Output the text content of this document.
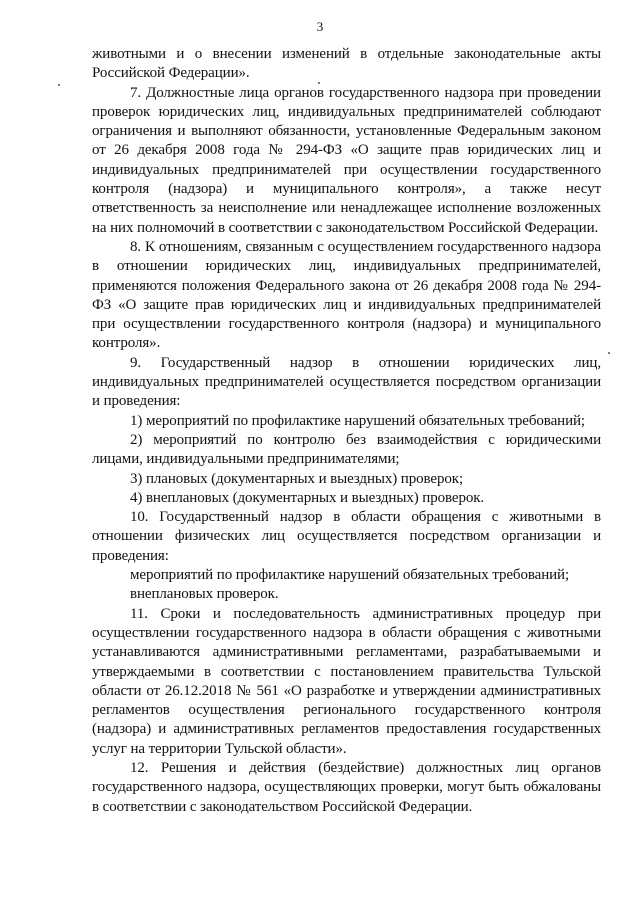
3

животными и о внесении изменений в отдельные законодательные акты Российской Федерации».

7. Должностные лица органов государственного надзора при проведении проверок юридических лиц, индивидуальных предпринимателей соблюдают ограничения и выполняют обязанности, установленные Федеральным законом от 26 декабря 2008 года № 294-ФЗ «О защите прав юридических лиц и индивидуальных предпринимателей при осуществлении государственного контроля (надзора) и муниципального контроля», а также несут ответственность за неисполнение или ненадлежащее исполнение возложенных на них полномочий в соответствии с законодательством Российской Федерации.

8. К отношениям, связанным с осуществлением государственного надзора в отношении юридических лиц, индивидуальных предпринимателей, применяются положения Федерального закона от 26 декабря 2008 года № 294-ФЗ «О защите прав юридических лиц и индивидуальных предпринимателей при осуществлении государственного контроля (надзора) и муниципального контроля».

9. Государственный надзор в отношении юридических лиц, индивидуальных предпринимателей осуществляется посредством организации и проведения:

1) мероприятий по профилактике нарушений обязательных требований;

2) мероприятий по контролю без взаимодействия с юридическими лицами, индивидуальными предпринимателями;

3) плановых (документарных и выездных) проверок;

4) внеплановых (документарных и выездных) проверок.

10. Государственный надзор в области обращения с животными в отношении физических лиц осуществляется посредством организации и проведения:

мероприятий по профилактике нарушений обязательных требований;

внеплановых проверок.

11. Сроки и последовательность административных процедур при осуществлении государственного надзора в области обращения с животными устанавливаются административными регламентами, разрабатываемыми и утверждаемыми в соответствии с постановлением правительства Тульской области от 26.12.2018 № 561 «О разработке и утверждении административных регламентов осуществления регионального государственного контроля (надзора) и административных регламентов предоставления государственных услуг на территории Тульской области».

12. Решения и действия (бездействие) должностных лиц органов государственного надзора, осуществляющих проверки, могут быть обжалованы в соответствии с законодательством Российской Федерации.
